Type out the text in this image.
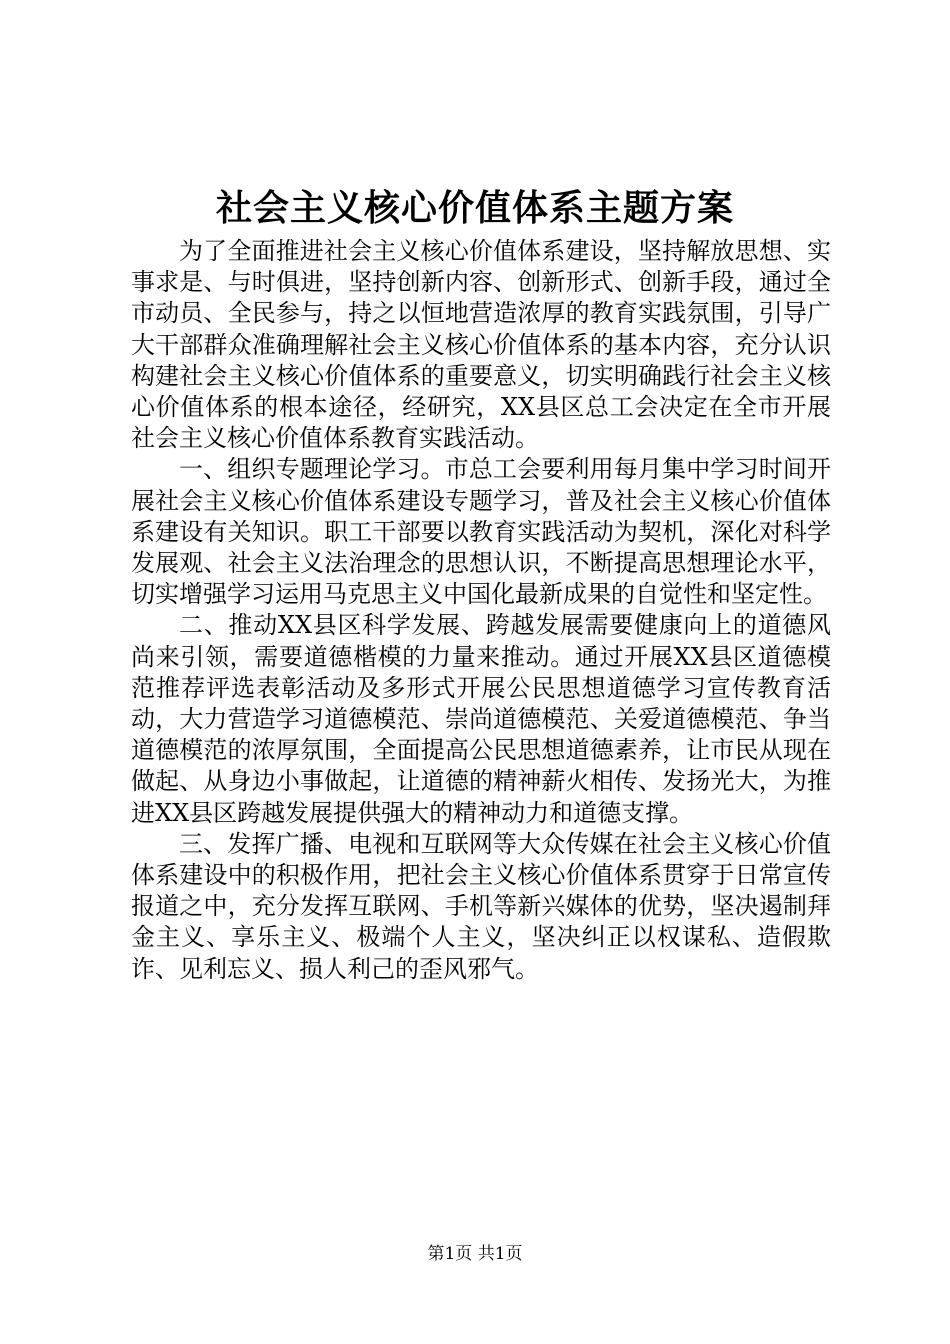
社会主义核心价值体系主题方案

为了全面推进社会主义核心价值体系建设，坚持解放思想、实事求是、与时俱进，坚持创新内容、创新形式、创新手段，通过全市动员、全民参与，持之以恒地营造浓厚的教育实践氛围，引导广大干部群众准确理解社会主义核心价值体系的基本内容，充分认识构建社会主义核心价值体系的重要意义，切实明确践行社会主义核心价值体系的根本途径，经研究，XX县区总工会决定在全市开展社会主义核心价值体系教育实践活动。

一、组织专题理论学习。市总工会要利用每月集中学习时间开展社会主义核心价值体系建设专题学习，普及社会主义核心价值体系建设有关知识。职工干部要以教育实践活动为契机，深化对科学发展观、社会主义法治理念的思想认识，不断提高思想理论水平，切实增强学习运用马克思主义中国化最新成果的自觉性和坚定性。

二、推动XX县区科学发展、跨越发展需要健康向上的道德风尚来引领，需要道德楷模的力量来推动。通过开展XX县区道德模范推荐评选表彰活动及多形式开展公民思想道德学习宣传教育活动，大力营造学习道德模范、崇尚道德模范、关爱道德模范、争当道德模范的浓厚氛围，全面提高公民思想道德素养，让市民从现在做起、从身边小事做起，让道德的精神薪火相传、发扬光大，为推进XX县区跨越发展提供强大的精神动力和道德支撑。

三、发挥广播、电视和互联网等大众传媒在社会主义核心价值体系建设中的积极作用，把社会主义核心价值体系贯穿于日常宣传报道之中，充分发挥互联网、手机等新兴媒体的优势，坚决遏制拜金主义、享乐主义、极端个人主义，坚决纠正以权谋私、造假欺诈、见利忘义、损人利己的歪风邪气。

第1页 共1页
